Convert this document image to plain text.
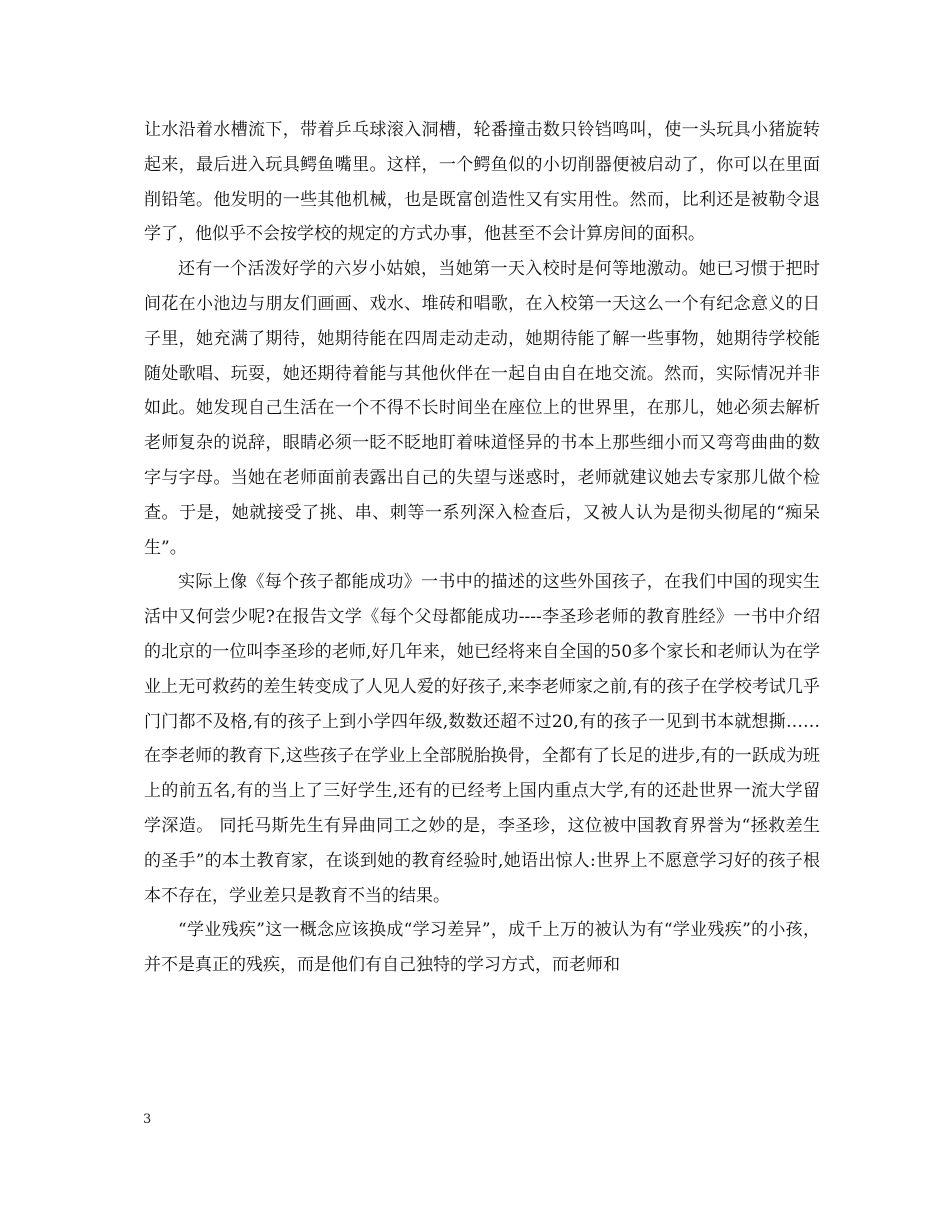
让水沿着水槽流下，带着乒乓球滚入洞槽，轮番撞击数只铃铛鸣叫，使一头玩具小猪旋转起来，最后进入玩具鳄鱼嘴里。这样，一个鳄鱼似的小切削器便被启动了，你可以在里面削铅笔。他发明的一些其他机械，也是既富创造性又有实用性。然而，比利还是被勒令退学了，他似乎不会按学校的规定的方式办事，他甚至不会计算房间的面积。

还有一个活泼好学的六岁小姑娘，当她第一天入校时是何等地激动。她已习惯于把时间花在小池边与朋友们画画、戏水、堆砖和唱歌，在入校第一天这么一个有纪念意义的日子里，她充满了期待，她期待能在四周走动走动，她期待能了解一些事物，她期待学校能随处歌唱、玩耍，她还期待着能与其他伙伴在一起自由自在地交流。然而，实际情况并非如此。她发现自己生活在一个不得不长时间坐在座位上的世界里，在那儿，她必须去解析老师复杂的说辞，眼睛必须一眨不眨地盯着味道怪异的书本上那些细小而又弯弯曲曲的数字与字母。当她在老师面前表露出自己的失望与迷惑时，老师就建议她去专家那儿做个检查。于是，她就接受了挑、串、刺等一系列深入检查后，又被人认为是彻头彻尾的“痴呆生”。

实际上像《每个孩子都能成功》一书中的描述的这些外国孩子，在我们中国的现实生活中又何尝少呢?在报告文学《每个父母都能成功----李圣珍老师的教育胜经》一书中介绍的北京的一位叫李圣珍的老师,好几年来，她已经将来自全国的50多个家长和老师认为在学业上无可救药的差生转变成了人见人爱的好孩子,来李老师家之前,有的孩子在学校考试几乎门门都不及格,有的孩子上到小学四年级,数数还超不过20,有的孩子一见到书本就想撕……在李老师的教育下,这些孩子在学业上全部脱胎换骨，全都有了长足的进步,有的一跃成为班上的前五名,有的当上了三好学生,还有的已经考上国内重点大学,有的还赴世界一流大学留学深造。 同托马斯先生有异曲同工之妙的是，李圣珍，这位被中国教育界誉为“拯救差生的圣手”的本土教育家，在谈到她的教育经验时,她语出惊人:世界上不愿意学习好的孩子根本不存在，学业差只是教育不当的结果。

“学业残疾”这一概念应该换成“学习差异”，成千上万的被认为有“学业残疾”的小孩，并不是真正的残疾，而是他们有自己独特的学习方式，而老师和

3
